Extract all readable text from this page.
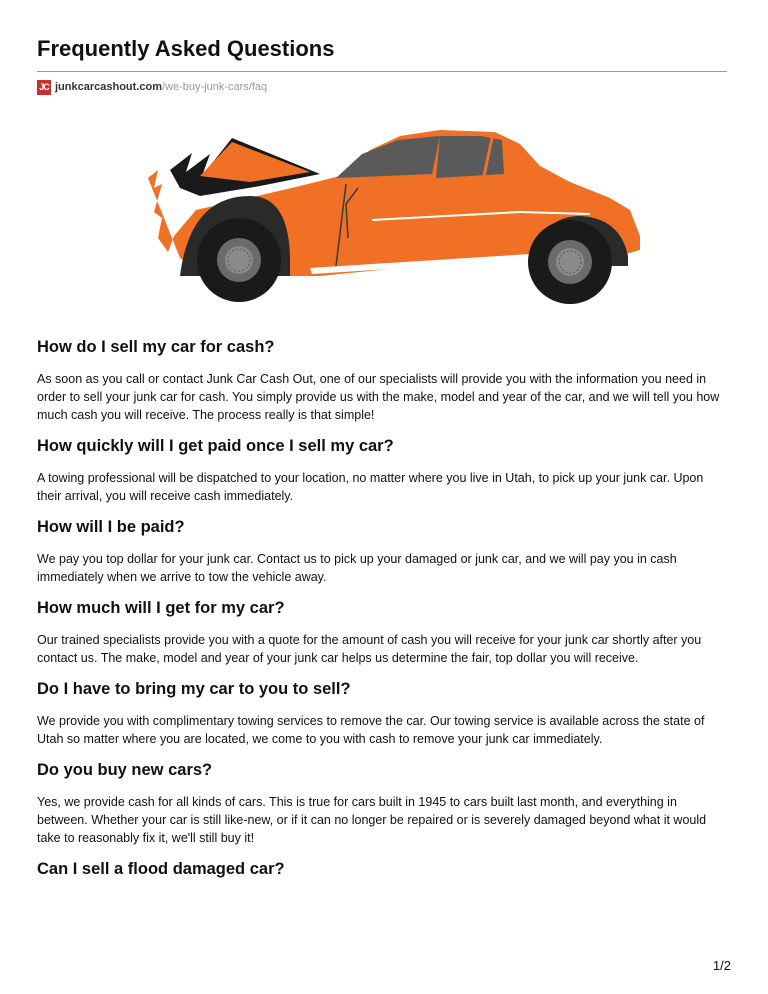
Frequently Asked Questions
JC junkcarcashout.com/we-buy-junk-cars/faq
How do I sell my car for cash?

As soon as you call or contact Junk Car Cash Out, one of our specialists will provide you with the information you need in order to sell your junk car for cash. You simply provide us with the make, model and year of the car, and we will tell you how much cash you will receive. The process really is that simple!

How quickly will I get paid once I sell my car?

A towing professional will be dispatched to your location, no matter where you live in Utah, to pick up your junk car. Upon their arrival, you will receive cash immediately.

How will I be paid?

We pay you top dollar for your junk car. Contact us to pick up your damaged or junk car, and we will pay you in cash immediately when we arrive to tow the vehicle away.

How much will I get for my car?

Our trained specialists provide you with a quote for the amount of cash you will receive for your junk car shortly after you contact us. The make, model and year of your junk car helps us determine the fair, top dollar you will receive.

Do I have to bring my car to you to sell?

We provide you with complimentary towing services to remove the car. Our towing service is available across the state of Utah so matter where you are located, we come to you with cash to remove your junk car immediately.

Do you buy new cars?

Yes, we provide cash for all kinds of cars. This is true for cars built in 1945 to cars built last month, and everything in between. Whether your car is still like-new, or if it can no longer be repaired or is severely damaged beyond what it would take to reasonably fix it, we'll still buy it!

Can I sell a flood damaged car?
1/2
